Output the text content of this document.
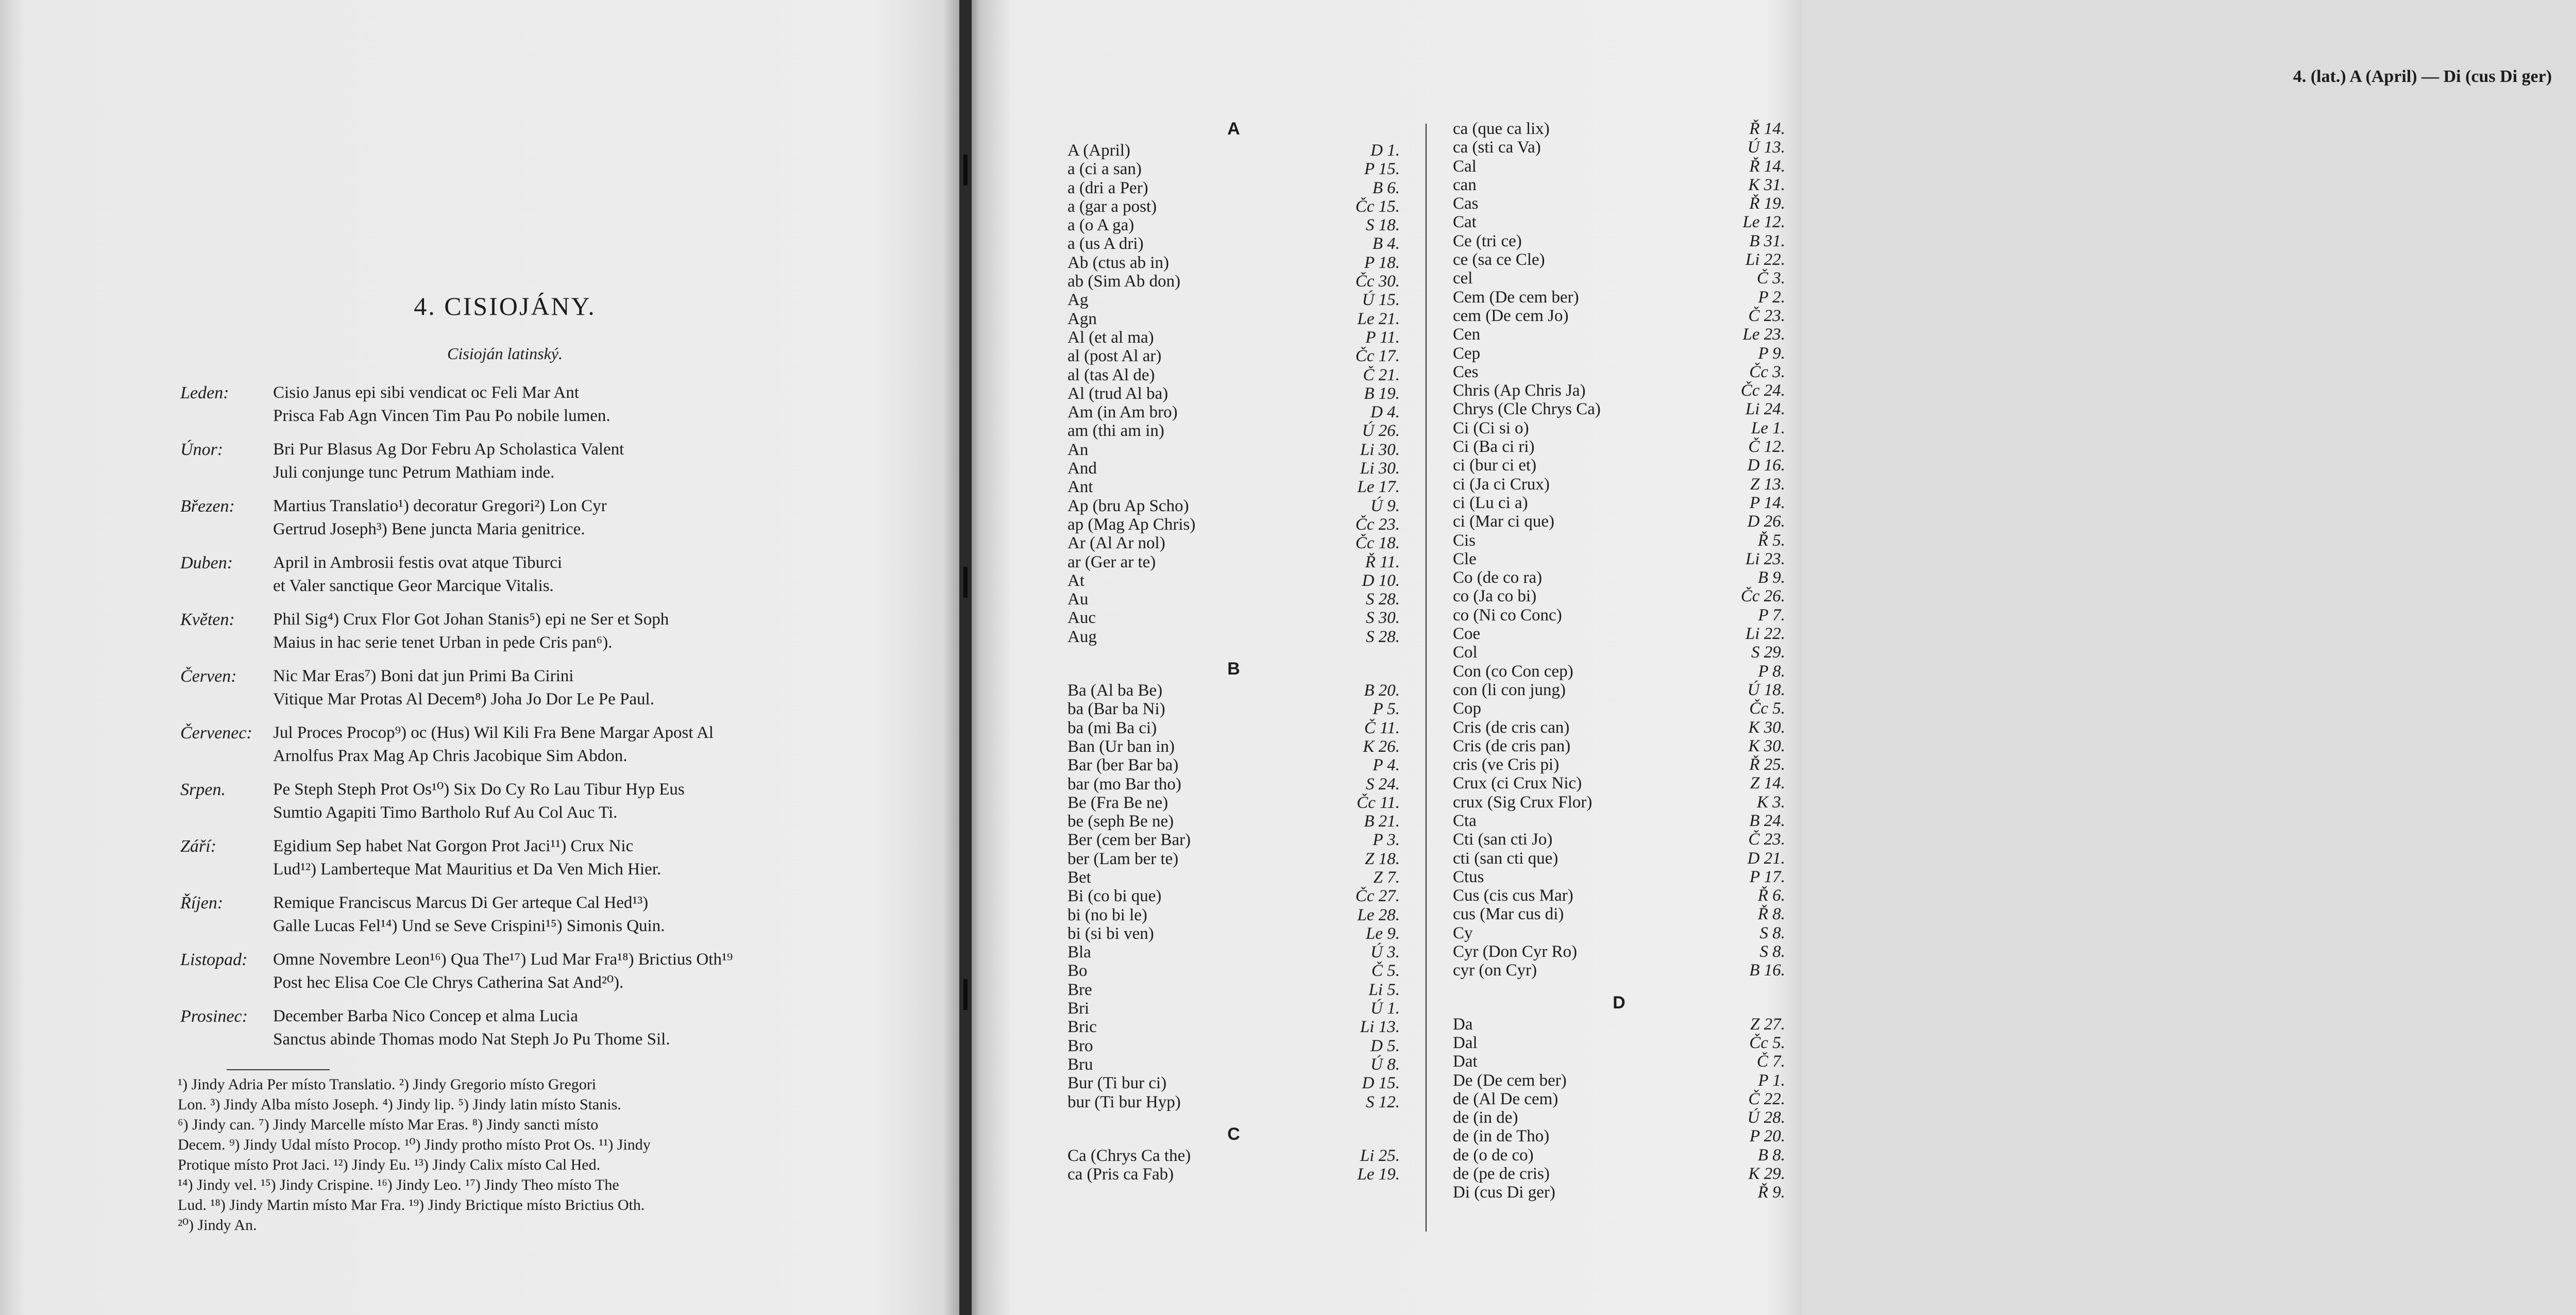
4. CISIOJÁNY.
Cisioján latinský.
Leden:	Cisio Janus epi sibi vendicat oc Feli Mar Ant
Prisca Fab Agn Vincen Tim Pau Po nobile lumen.
Únor:	Bri Pur Blasus Ag Dor Febru Ap Scholastica Valent
Juli conjunge tunc Petrum Mathiam inde.
Březen:	Martius Translatio¹) decoratur Gregori²) Lon Cyr
Gertrud Joseph³) Bene juncta Maria genitrice.
Duben:	April in Ambrosii festis ovat atque Tiburci
et Valer sanctique Geor Marcique Vitalis.
Květen:	Phil Sig⁴) Crux Flor Got Johan Stanis⁵) epi ne Ser et Soph
Maius in hac serie tenet Urban in pede Cris pan⁶).
Červen:	Nic Mar Eras⁷) Boni dat jun Primi Ba Cirini
Vitique Mar Protas Al Decem⁸) Joha Jo Dor Le Pe Paul.
Červenec:	Jul Proces Procop⁹) oc (Hus) Wil Kili Fra Bene Margar Apost Al
Arnolfus Prax Mag Ap Chris Jacobique Sim Abdon.
Srpen.	Pe Steph Steph Prot Os¹⁰) Six Do Cy Ro Lau Tibur Hyp Eus
Sumtio Agapiti Timo Bartholo Ruf Au Col Auc Ti.
Září:	Egidium Sep habet Nat Gorgon Prot Jaci¹¹) Crux Nic
Lud¹²) Lamberteque Mat Mauritius et Da Ven Mich Hier.
Říjen:	Remique Franciscus Marcus Di Ger arteque Cal Hed¹³)
Galle Lucas Fel¹⁴) Und se Seve Crispini¹⁵) Simonis Quin.
Listopad:	Omne Novembre Leon¹⁶) Qua The¹⁷) Lud Mar Fra¹⁸) Brictius Oth¹⁹
Post hec Elisa Coe Cle Chrys Catherina Sat And²⁰).
Prosinec:	December Barba Nico Concep et alma Lucia
Sanctus abinde Thomas modo Nat Steph Jo Pu Thome Sil.
¹) Jindy Adria Per místo Translatio. ²) Jindy Gregorio místo Gregori
Lon. ³) Jindy Alba místo Joseph. ⁴) Jindy lip. ⁵) Jindy latin místo Stanis.
⁶) Jindy can. ⁷) Jindy Marcelle místo Mar Eras. ⁸) Jindy sancti místo
Decem. ⁹) Jindy Udal místo Procop. ¹⁰) Jindy protho místo Prot Os. ¹¹) Jindy
Protique místo Prot Jaci. ¹²) Jindy Eu. ¹³) Jindy Calix místo Cal Hed.
¹⁴) Jindy vel. ¹⁵) Jindy Crispine. ¹⁶) Jindy Leo. ¹⁷) Jindy Theo místo The
Lud. ¹⁸) Jindy Martin místo Mar Fra. ¹⁹) Jindy Brictique místo Brictius Oth.
²⁰) Jindy An.
4. (lat.) A (April) — Di (cus Di ger)
A
A (April)	D 1.
a (ci a san)	P 15.
a (dri a Per)	B 6.
a (gar a post)	Čc 15.
a (o A ga)	S 18.
a (us A dri)	B 4.
Ab (ctus ab in)	P 18.
ab (Sim Ab don)	Čc 30.
Ag	Ú 15.
Agn	Le 21.
Al (et al ma)	P 11.
al (post Al ar)	Čc 17.
al (tas Al de)	Č 21.
Al (trud Al ba)	B 19.
Am (in Am bro)	D 4.
am (thi am in)	Ú 26.
An	Li 30.
And	Li 30.
Ant	Le 17.
Ap (bru Ap Scho)	Ú 9.
ap (Mag Ap Chris)	Čc 23.
Ar (Al Ar nol)	Čc 18.
ar (Ger ar te)	Ř 11.
At	D 10.
Au	S 28.
Auc	S 30.
Aug	S 28.
B
Ba (Al ba Be)	B 20.
ba (Bar ba Ni)	P 5.
ba (mi Ba ci)	Č 11.
Ban (Ur ban in)	K 26.
Bar (ber Bar ba)	P 4.
bar (mo Bar tho)	S 24.
Be (Fra Be ne)	Čc 11.
be (seph Be ne)	B 21.
Ber (cem ber Bar)	P 3.
ber (Lam ber te)	Z 18.
Bet	Z 7.
Bi (co bi que)	Čc 27.
bi (no bi le)	Le 28.
bi (si bi ven)	Le 9.
Bla	Ú 3.
Bo	Č 5.
Bre	Li 5.
Bri	Ú 1.
Bric	Li 13.
Bro	D 5.
Bru	Ú 8.
Bur (Ti bur ci)	D 15.
bur (Ti bur Hyp)	S 12.
C
Ca (Chrys Ca the)	Li 25.
ca (Pris ca Fab)	Le 19.
ca (que ca lix)	Ř 14.
ca (sti ca Va)	Ú 13.
Cal	Ř 14.
can	K 31.
Cas	Ř 19.
Cat	Le 12.
Ce (tri ce)	B 31.
ce (sa ce Cle)	Li 22.
cel	Č 3.
Cem (De cem ber)	P 2.
cem (De cem Jo)	Č 23.
Cen	Le 23.
Cep	P 9.
Ces	Čc 3.
Chris (Ap Chris Ja)	Čc 24.
Chrys (Cle Chrys Ca)	Li 24.
Ci (Ci si o)	Le 1.
Ci (Ba ci ri)	Č 12.
ci (bur ci et)	D 16.
ci (Ja ci Crux)	Z 13.
ci (Lu ci a)	P 14.
ci (Mar ci que)	D 26.
Cis	Ř 5.
Cle	Li 23.
Co (de co ra)	B 9.
co (Ja co bi)	Čc 26.
co (Ni co Conc)	P 7.
Coe	Li 22.
Col	S 29.
Con (co Con cep)	P 8.
con (li con jung)	Ú 18.
Cop	Čc 5.
Cris (de cris can)	K 30.
Cris (de cris pan)	K 30.
cris (ve Cris pi)	Ř 25.
Crux (ci Crux Nic)	Z 14.
crux (Sig Crux Flor)	K 3.
Cta	B 24.
Cti (san cti Jo)	Č 23.
cti (san cti que)	D 21.
Ctus	P 17.
Cus (cis cus Mar)	Ř 6.
cus (Mar cus di)	Ř 8.
Cy	S 8.
Cyr (Don Cyr Ro)	S 8.
cyr (on Cyr)	B 16.
D
Da	Z 27.
Dal	Čc 5.
Dat	Č 7.
De (De cem ber)	P 1.
de (Al De cem)	Č 22.
de (in de)	Ú 28.
de (in de Tho)	P 20.
de (o de co)	B 8.
de (pe de cris)	K 29.
Di (cus Di ger)	Ř 9.
